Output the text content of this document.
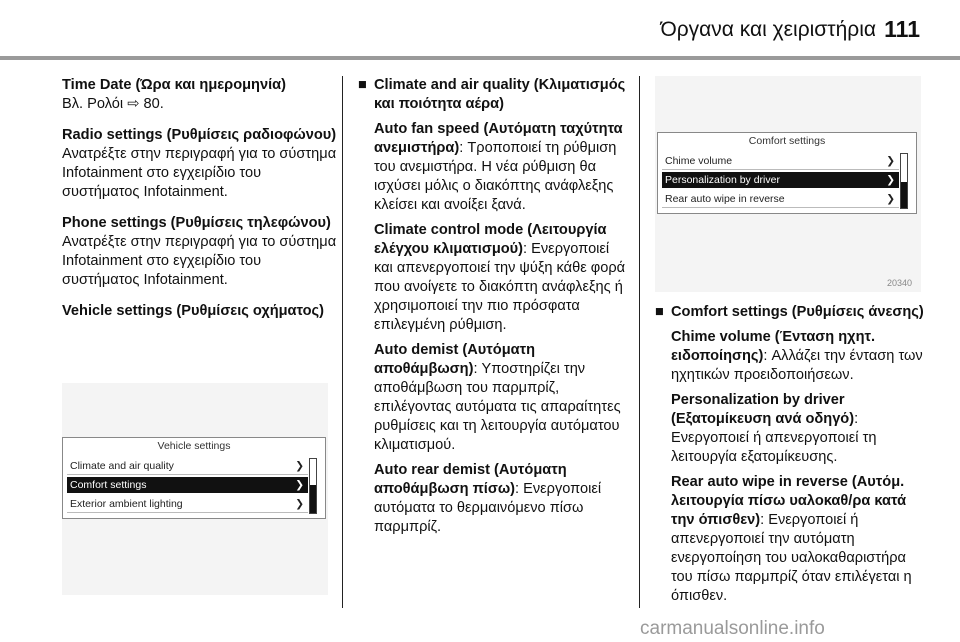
Όργανα και χειριστήρια 111

Time Date (Ώρα και ημερομηνία)
Βλ. Ρολόι ⇨ 80.

Radio settings (Ρυθμίσεις ραδιοφώνου)
Ανατρέξτε στην περιγραφή για το σύστημα Infotainment στο εγχειρίδιο του συστήματος Infotainment.

Phone settings (Ρυθμίσεις τηλεφώνου)
Ανατρέξτε στην περιγραφή για το σύστημα Infotainment στο εγχειρίδιο του συστήματος Infotainment.

Vehicle settings (Ρυθμίσεις οχήματος)

Vehicle settings
Climate and air quality	❯
Comfort settings	❯
Exterior ambient lighting	❯
■ Climate and air quality (Κλιματισμός και ποιότητα αέρα)
Auto fan speed (Αυτόματη ταχύτητα ανεμιστήρα): Τροποποιεί τη ρύθμιση του ανεμιστήρα. Η νέα ρύθμιση θα ισχύσει μόλις ο διακόπτης ανάφλεξης κλείσει και ανοίξει ξανά.
Climate control mode (Λειτουργία ελέγχου κλιματισμού): Ενεργοποιεί και απενεργοποιεί την ψύξη κάθε φορά που ανοίγετε το διακόπτη ανάφλεξης ή χρησιμοποιεί την πιο πρόσφατα επιλεγμένη ρύθμιση.
Auto demist (Αυτόματη αποθάμβωση): Υποστηρίζει την αποθάμβωση του παρμπρίζ, επιλέγοντας αυτόματα τις απαραίτητες ρυθμίσεις και τη λειτουργία αυτόματου κλιματισμού.
Auto rear demist (Αυτόματη αποθάμβωση πίσω): Ενεργοποιεί αυτόματα το θερμαινόμενο πίσω παρμπρίζ.
Comfort settings
Chime volume	❯
Personalization by driver	❯
Rear auto wipe in reverse	❯
20340
■ Comfort settings (Ρυθμίσεις άνεσης)
Chime volume (Ένταση ηχητ. ειδοποίησης): Αλλάζει την ένταση των ηχητικών προειδοποιήσεων.
Personalization by driver (Εξατομίκευση ανά οδηγό): Ενεργοποιεί ή απενεργοποιεί τη λειτουργία εξατομίκευσης.
Rear auto wipe in reverse (Αυτόμ. λειτουργία πίσω υαλοκαθ/ρα κατά την όπισθεν): Ενεργοποιεί ή απενεργοποιεί την αυτόματη ενεργοποίηση του υαλοκαθαριστήρα του πίσω παρμπρίζ όταν επιλέγεται η όπισθεν.
carmanualsonline.info
